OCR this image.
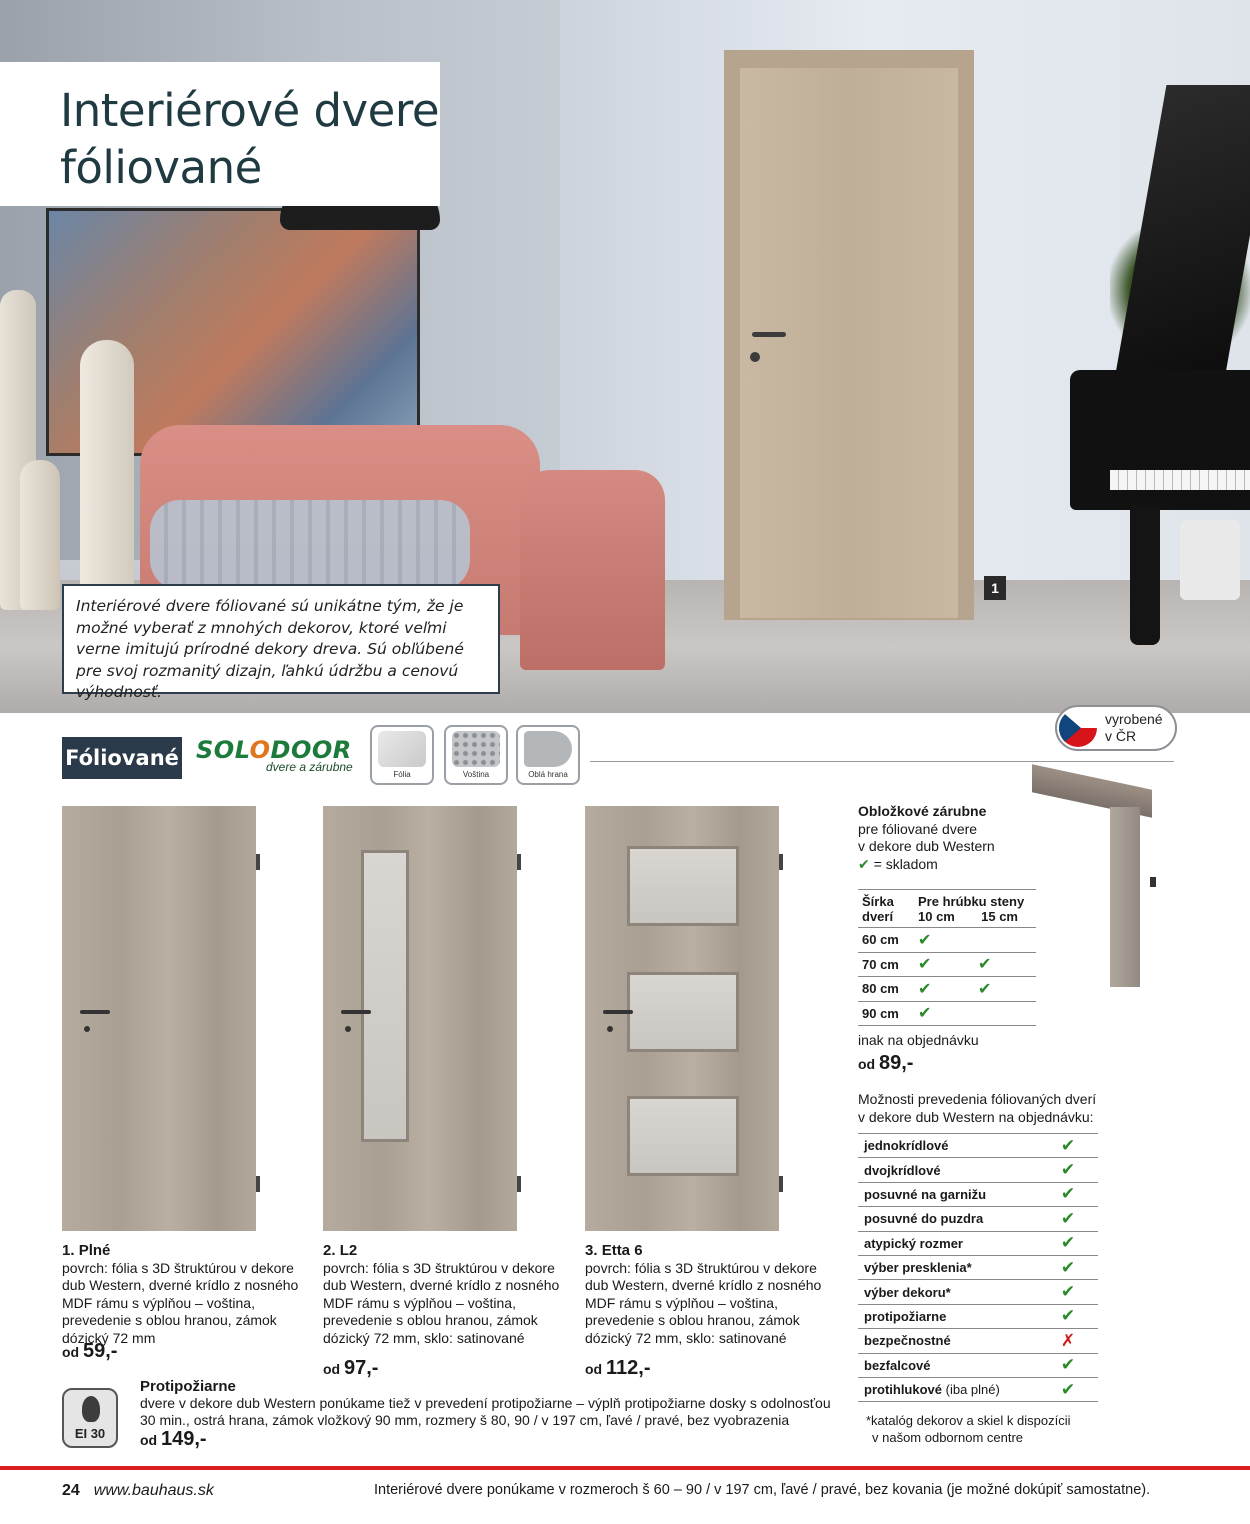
Interiérové dvere
fóliované
1
Interiérové dvere fóliované sú unikátne tým, že je možné vyberať z mnohých dekorov, ktoré veľmi verne imitujú prírodné dekory dreva. Sú obľúbené pre svoj rozmanitý dizajn, ľahkú údržbu a cenovú výhodnosť.
Fóliované SOLODOOR
dvere a zárubne
Fólia	Voština	Oblá hrana
vyrobené
v ČR
1. Plné
povrch: fólia s 3D štruktúrou v dekore dub Western, dverné krídlo z nosného MDF rámu s výplňou – voština, prevedenie s oblou hranou, zámok dózický 72 mm
od 59,-
2. L2
povrch: fólia s 3D štruktúrou v dekore dub Western, dverné krídlo z nosného MDF rámu s výplňou – voština, prevedenie s oblou hranou, zámok dózický 72 mm, sklo: satinované
od 97,-
3. Etta 6
povrch: fólia s 3D štruktúrou v dekore dub Western, dverné krídlo z nosného MDF rámu s výplňou – voština, prevedenie s oblou hranou, zámok dózický 72 mm, sklo: satinované
od 112,-
EI 30
Protipožiarne
dvere v dekore dub Western ponúkame tiež v prevedení protipožiarne – výplň protipožiarne dosky s odolnosťou 30 min., ostrá hrana, zámok vložkový 90 mm, rozmery š 80, 90 / v 197 cm, ľavé / pravé, bez vyobrazenia
od 149,-
Obložkové zárubne
pre fóliované dvere
v dekore dub Western
✔ = skladom
Šírka dverí	Pre hrúbku steny
10 cm 15 cm	

60 cm	✔	
70 cm	✔	✔
80 cm	✔	✔
90 cm	✔	
inak na objednávku
od 89,-
Možnosti prevedenia fóliovaných dverí
v dekore dub Western na objednávku:
jednokrídlové	✔
dvojkrídlové	✔
posuvné na garnižu	✔
posuvné do puzdra	✔
atypický rozmer	✔
výber presklenia*	✔
výber dekoru*	✔
protipožiarne	✔
bezpečnostné	✗
bezfalcové	✔
protihlukové (iba plné)	✔
*katalóg dekorov a skiel k dispozícii
v našom odbornom centre
24 www.bauhaus.sk	Interiérové dvere ponúkame v rozmeroch š 60 – 90 / v 197 cm, ľavé / pravé, bez kovania (je možné dokúpiť samostatne).
